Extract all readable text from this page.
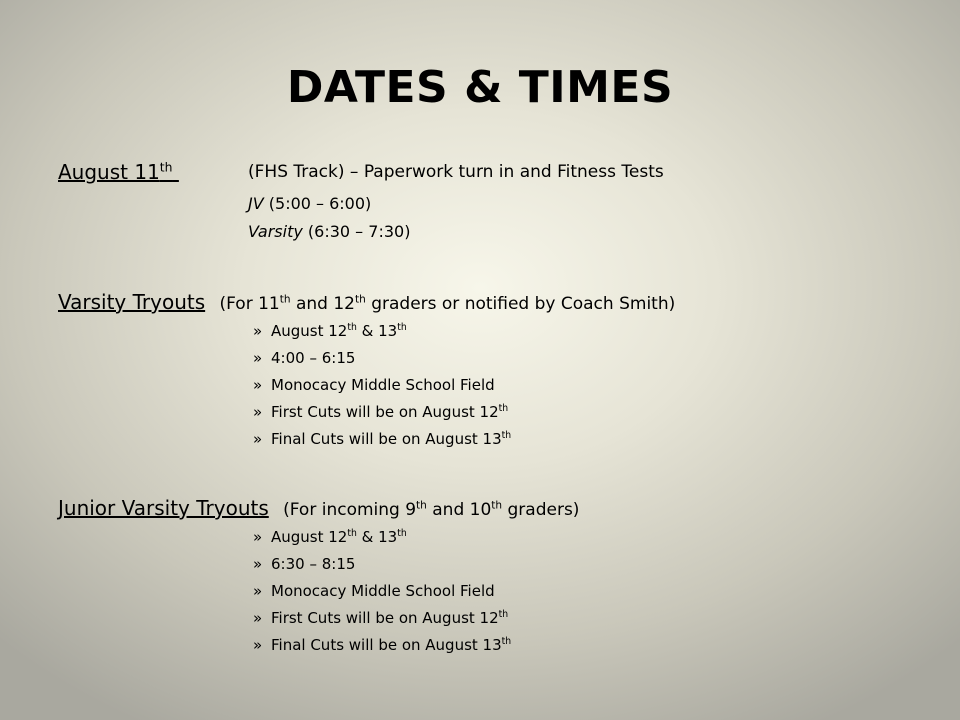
DATES & TIMES
August 11th	(FHS Track) – Paperwork turn in and Fitness Tests
JV (5:00 – 6:00)
Varsity (6:30 – 7:30)
Varsity Tryouts (For 11th and 12th graders or notified by Coach Smith)
» August 12th & 13th
» 4:00 – 6:15
» Monocacy Middle School Field
» First Cuts will be on August 12th
» Final Cuts will be on August 13th
Junior Varsity Tryouts (For incoming 9th and 10th graders)
» August 12th & 13th
» 6:30 – 8:15
» Monocacy Middle School Field
» First Cuts will be on August 12th
» Final Cuts will be on August 13th
